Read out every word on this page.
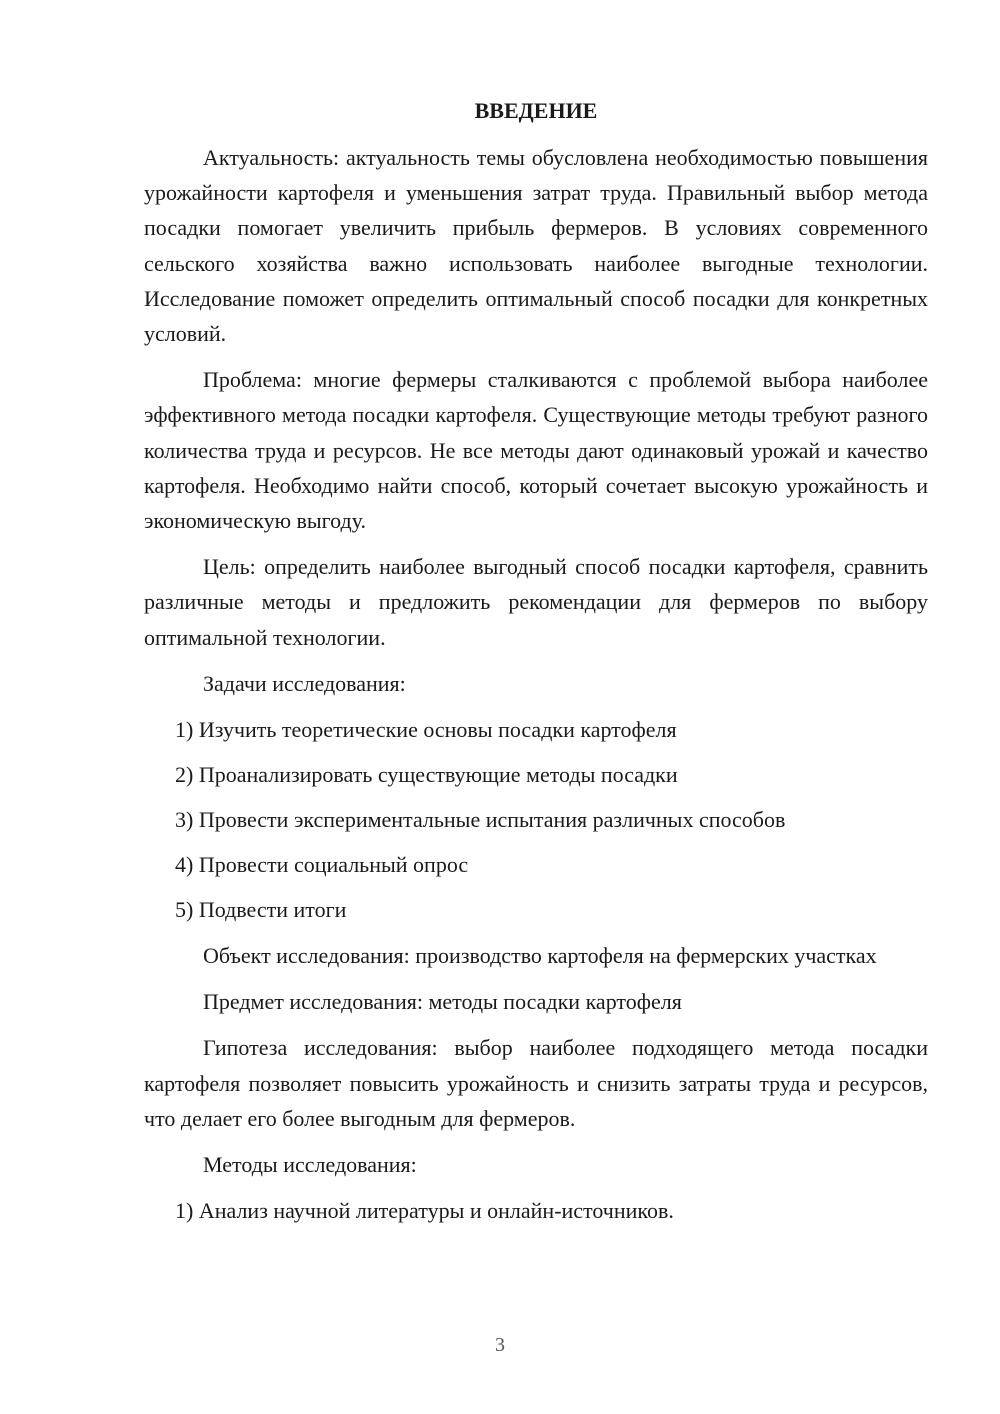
ВВЕДЕНИЕ

Актуальность: актуальность темы обусловлена необходимостью повышения урожайности картофеля и уменьшения затрат труда. Правильный выбор метода посадки помогает увеличить прибыль фермеров. В условиях современного сельского хозяйства важно использовать наиболее выгодные технологии. Исследование поможет определить оптимальный способ посадки для конкретных условий.

Проблема: многие фермеры сталкиваются с проблемой выбора наиболее эффективного метода посадки картофеля. Существующие методы требуют разного количества труда и ресурсов. Не все методы дают одинаковый урожай и качество картофеля. Необходимо найти способ, который сочетает высокую урожайность и экономическую выгоду.

Цель: определить наиболее выгодный способ посадки картофеля, сравнить различные методы и предложить рекомендации для фермеров по выбору оптимальной технологии.

Задачи исследования:

1) Изучить теоретические основы посадки картофеля

2) Проанализировать существующие методы посадки

3) Провести экспериментальные испытания различных способов

4) Провести социальный опрос

5) Подвести итоги

Объект исследования: производство картофеля на фермерских участках

Предмет исследования: методы посадки картофеля

Гипотеза исследования: выбор наиболее подходящего метода посадки картофеля позволяет повысить урожайность и снизить затраты труда и ресурсов, что делает его более выгодным для фермеров.

Методы исследования:

1) Анализ научной литературы и онлайн-источников.

3
